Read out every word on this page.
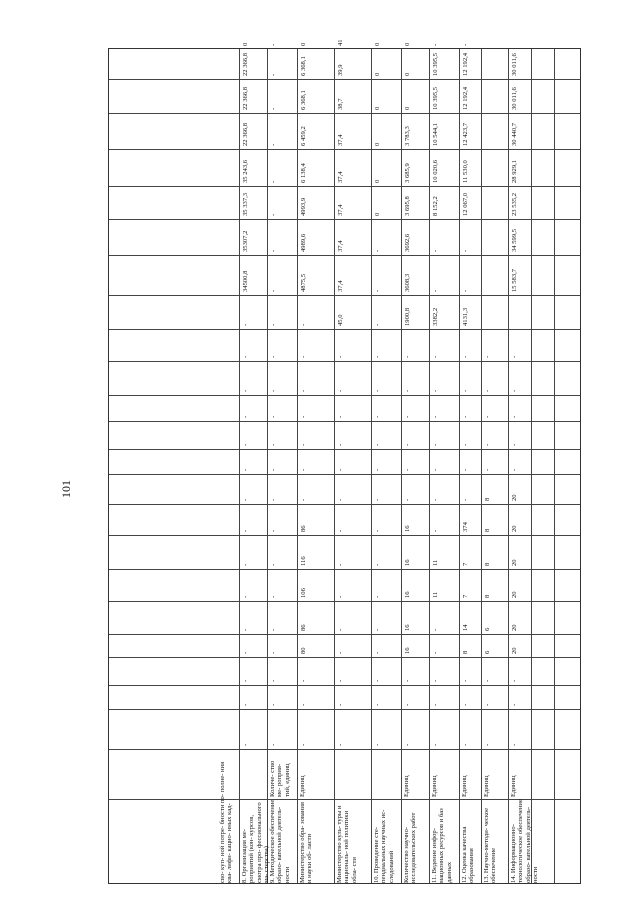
101
сво- куп- ной потре- бности по- полне- ния ква- лифи- кацио- нных кад- 8. Организация ме- роприятий (кон- курсов, смотра про- фессионального ма- стерства)
-
-
-
-
-
-
-
-
-
-
-
-
-
-
-
34500,8
35307,2
35 337,3
35 243,6
22 366,8
22 366,8
22 366,8
0
9. Методическое обеспечение образо- вательной деятель- ности
Количе- ство ме- роприя- тий, единиц
-
-
-
-
-
-
-
-
-
-
-
-
-
-
-
-
-
-
-
-
-
-
-
Министерство обра- зования и науки об- ласти
Единиц
-
-
-
80
86
106
116
86
-
-
-
-
-
-
-
4875,5
4989,6
4993,9
6 138,4
6 459,2
6 368,1
6 368,1
0
Министерство куль- туры и националь- ной политики обла- сти
-
-
-
-
-
-
-
-
-
-
-
-
-
-
45,0
37,4
37,4
37,4
37,4
37,4
38,7
39,9
41
10. Проведение сте- пендиальных научных ис- следований
-
-
-
-
-
-
-
-
-
-
-
-
-
-
-
-
-
0
0
0
0
0
0
Количество научно- исследовательских работ
Единиц
-
-
-
16
16
16
16
16
-
-
-
-
-
-
1900,8
3608,3
3692,6
3 695,8
3 685,9
3 783,3
0
0
0
11. Ведение инфор- мационных ресурсов и баз данных
Единиц
-
-
-
-
-
11
11
-
-
-
-
-
-
-
3382,2
-
-
8 152,2
10 020,6
10 544,1
10 395,5
10 395,5
-
12. Оценка качества образования
Единиц
-
-
-
8
14
7
7
374
-
-
-
-
-
-
4131,3
-
-
12 067,0
11 530,0
12 423,7
12 192,4
12 192,4
-
13. Научно-методи- ческое обеспечение
Единиц
-
-
-
6
6
8
8
8
8
-
-
-
-
-
14. Информационно- технологическое обеспечение образо- вательной деятель- ности
Единиц
-
-
-
20
20
20
20
20
20
-
-
-
-
-
15 583,7
34 599,5
23 535,2
28 929,1
30 440,7
30 011,6
30 011,6
